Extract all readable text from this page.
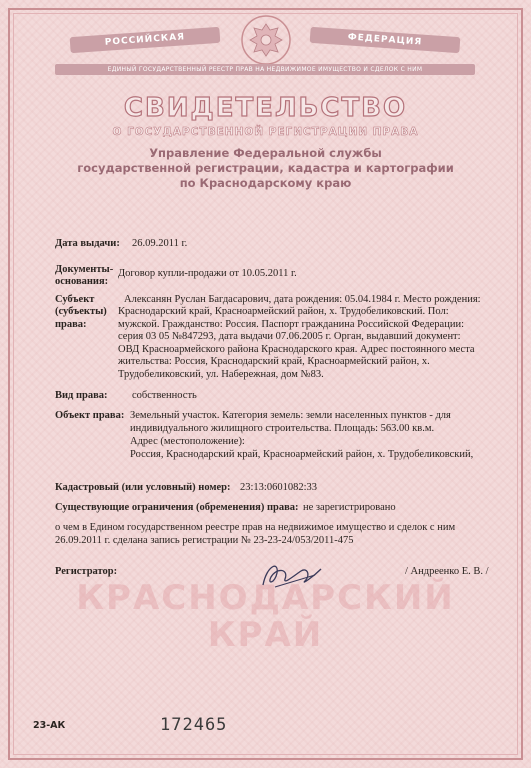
РОССИЙСКАЯ	ФЕДЕРАЦИЯ
ЕДИНЫЙ ГОСУДАРСТВЕННЫЙ РЕЕСТР ПРАВ НА НЕДВИЖИМОЕ ИМУЩЕСТВО И СДЕЛОК С НИМ
СВИДЕТЕЛЬСТВО
О ГОСУДАРСТВЕННОЙ РЕГИСТРАЦИИ ПРАВА
Управление Федеральной службы
государственной регистрации, кадастра и картографии
по Краснодарскому краю
КРАСНОДАРСКИЙ
КРАЙ
Дата выдачи: 26.09.2011 г.
Документы-
основания:
Договор купли-продажи от 10.05.2011 г.
Субъект
(субъекты)
права:
Алексанян Руслан Багдасарович, дата рождения: 05.04.1984 г. Место рождения:
Краснодарский край, Красноармейский район, х. Трудобеликовский. Пол:
мужской. Гражданство: Россия. Паспорт гражданина Российской Федерации:
серия 03 05 №847293, дата выдачи 07.06.2005 г. Орган, выдавший документ:
ОВД Красноармейского района Краснодарского края. Адрес постоянного места
жительства: Россия, Краснодарский край, Красноармейский район, х.
Трудобеликовский, ул. Набережная, дом №83.
Вид права: собственность
Объект права: Земельный участок. Категория земель: земли населенных пунктов - для
индивидуального жилищного строительства. Площадь: 563.00 кв.м.
Адрес (местоположение):
Россия, Краснодарский край, Красноармейский район, х. Трудобеликовский,
Кадастровый (или условный) номер: 23:13:0601082:33
Существующие ограничения (обременения) права: не зарегистрировано
о чем в Едином государственном реестре прав на недвижимое имущество и сделок с ним
26.09.2011 г. сделана запись регистрации № 23-23-24/053/2011-475
Регистратор:	/ Андреенко Е. В. /
23-АК	172465
